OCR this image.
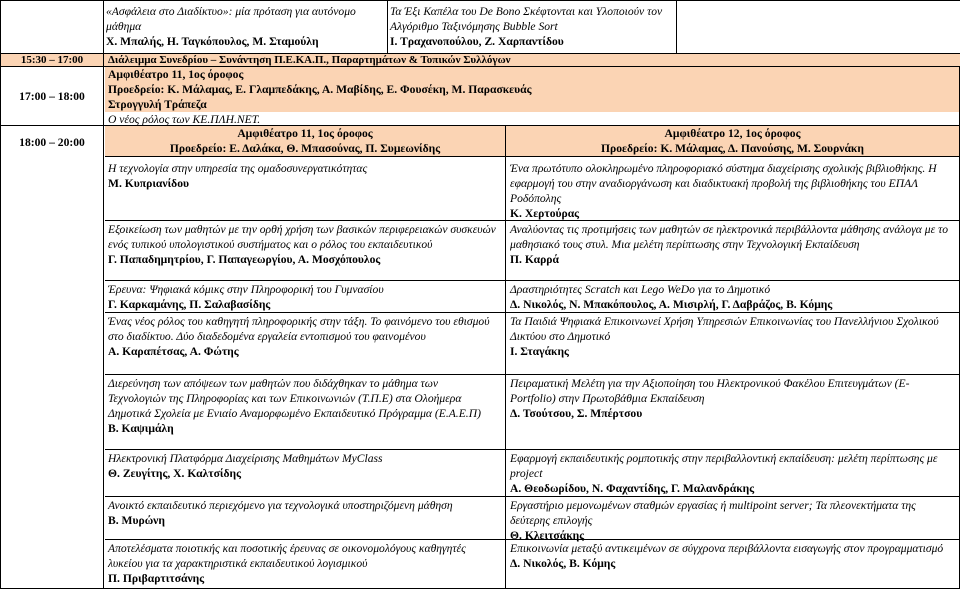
«Ασφάλεια στο Διαδίκτυο»: μία πρόταση για αυτόνομο μάθημα
Χ. Μπαλής, Η. Ταγκόπουλος, Μ. Σταμούλη
Τα Έξι Καπέλα του De Bono Σκέφτονται και Υλοποιούν τον Αλγόριθμο Ταξινόμησης Bubble Sort
Ι. Τραχανοπούλου, Ζ. Χαρπαντίδου
15:30 – 17:00	Διάλειμμα Συνεδρίου – Συνάντηση Π.Ε.ΚΑ.Π., Παραρτημάτων & Τοπικών Συλλόγων
17:00 – 18:00
Αμφιθέατρο 11, 1ος όροφος
Προεδρείο: Κ. Μάλαμας, Ε. Γλαμπεδάκης, Α. Μαβίδης, Ε. Φουσέκη, Μ. Παρασκευάς
Στρογγυλή Τράπεζα
Ο νέος ρόλος των ΚΕ.ΠΛΗ.ΝΕΤ.
18:00 – 20:00
Αμφιθέατρο 11, 1ος όροφος
Προεδρείο: Ε. Δαλάκα, Θ. Μπασούνας, Π. Συμεωνίδης
Αμφιθέατρο 12, 1ος όροφος
Προεδρείο: Κ. Μάλαμας, Δ. Πανούσης, Μ. Σουρνάκη
Η τεχνολογία στην υπηρεσία της ομαδοσυνεργατικότητας
Μ. Κυπριανίδου
Εξοικείωση των μαθητών με την ορθή χρήση των βασικών περιφερειακών συσκευών ενός τυπικού υπολογιστικού συστήματος και ο ρόλος του εκπαιδευτικού
Γ. Παπαδημητρίου, Γ. Παπαγεωργίου, Α. Μοσχόπουλος
Έρευνα: Ψηφιακά κόμικς στην Πληροφορική του Γυμνασίου
Γ. Καρκαμάνης, Π. Σαλαβασίδης
Ένας νέος ρόλος του καθηγητή πληροφορικής στην τάξη. Το φαινόμενο του εθισμού στο διαδίκτυο. Δύο διαδεδομένα εργαλεία εντοπισμού του φαινομένου
Α. Καραπέτσας, Α. Φώτης
Διερεύνηση των απόψεων των μαθητών που διδάχθηκαν το μάθημα των Τεχνολογιών της Πληροφορίας και των Επικοινωνιών (Τ.Π.Ε) στα Ολοήμερα Δημοτικά Σχολεία με Ενιαίο Αναμορφωμένο Εκπαιδευτικό Πρόγραμμα (Ε.Α.Ε.Π)
Β. Καψιμάλη
Ηλεκτρονική Πλατφόρμα Διαχείρισης Μαθημάτων MyClass
Θ. Ζευγίτης, Χ. Καλτσίδης
Ανοικτό εκπαιδευτικό περιεχόμενο για τεχνολογικά υποστηριζόμενη μάθηση
Β. Μυρώνη
Αποτελέσματα ποιοτικής και ποσοτικής έρευνας σε οικονομολόγους καθηγητές λυκείου για τα χαρακτηριστικά εκπαιδευτικού λογισμικού
Π. Πριβαρτιτσάνης
Ένα πρωτότυπο ολοκληρωμένο πληροφοριακό σύστημα διαχείρισης σχολικής βιβλιοθήκης. Η εφαρμογή του στην αναδιοργάνωση και διαδικτυακή προβολή της βιβλιοθήκης του ΕΠΑΛ Ροδόπολης
Κ. Χερτούρας
Αναλύοντας τις προτιμήσεις των μαθητών σε ηλεκτρονικά περιβάλλοντα μάθησης ανάλογα με το μαθησιακό τους στυλ. Μια μελέτη περίπτωσης στην Τεχνολογική Εκπαίδευση
Π. Καρρά
Δραστηριότητες Scratch και Lego WeDo για το Δημοτικό
Δ. Νικολός, Ν. Μπακόπουλος, Α. Μισιρλή, Γ. Δαβράζος, Β. Κόμης
Τα Παιδιά Ψηφιακά Επικοινωνεί Χρήση Υπηρεσιών Επικοινωνίας του Πανελλήνιου Σχολικού Δικτύου στο Δημοτικό
Ι. Σταγάκης
Πειραματική Μελέτη για την Αξιοποίηση του Ηλεκτρονικού Φακέλου Επιτευγμάτων (E-Portfolio) στην Πρωτοβάθμια Εκπαίδευση
Δ. Τσούτσου, Σ. Μπέρτσου
Εφαρμογή εκπαιδευτικής ρομποτικής στην περιβαλλοντική εκπαίδευση: μελέτη περίπτωσης με project
Α. Θεοδωρίδου, Ν. Φαχαντίδης, Γ. Μαλανδράκης
Εργαστήριο μεμονωμένων σταθμών εργασίας ή multipoint server; Τα πλεονεκτήματα της δεύτερης επιλογής
Θ. Κλειτσάκης
Επικοινωνία μεταξύ αντικειμένων σε σύγχρονα περιβάλλοντα εισαγωγής στον προγραμματισμό
Δ. Νικολός, Β. Κόμης
